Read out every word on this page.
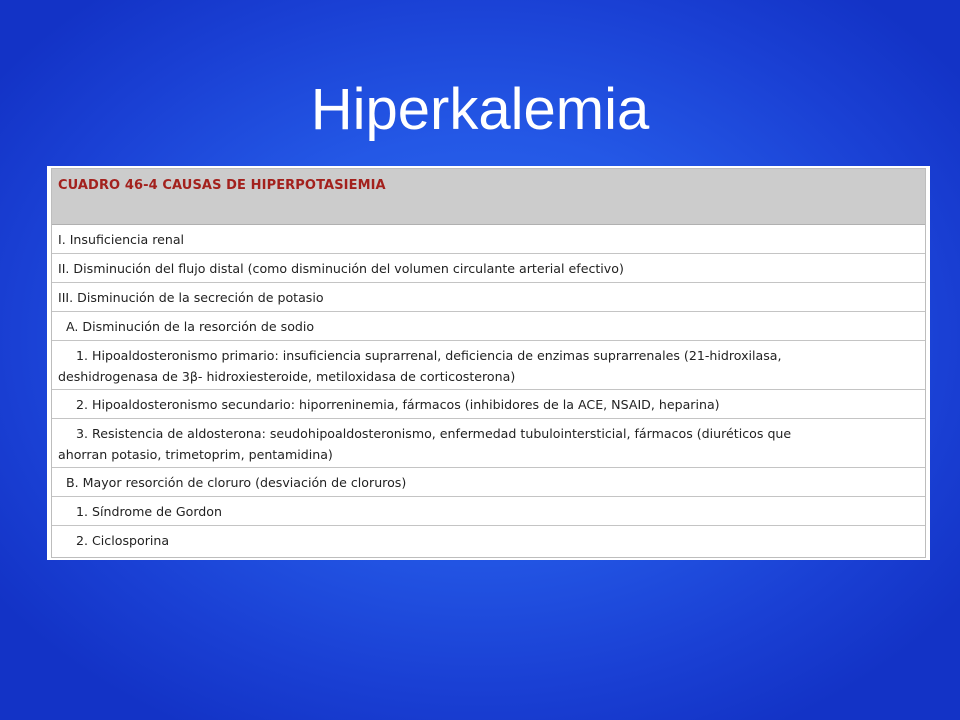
Hiperkalemia
CUADRO 46-4 CAUSAS DE HIPERPOTASIEMIA
I. Insuficiencia renal
II. Disminución del flujo distal (como disminución del volumen circulante arterial efectivo)
III. Disminución de la secreción de potasio
A. Disminución de la resorción de sodio
1. Hipoaldosteronismo primario: insuficiencia suprarrenal, deficiencia de enzimas suprarrenales (21-hidroxilasa,
deshidrogenasa de 3β- hidroxiesteroide, metiloxidasa de corticosterona)
2. Hipoaldosteronismo secundario: hiporreninemia, fármacos (inhibidores de la ACE, NSAID, heparina)
3. Resistencia de aldosterona: seudohipoaldosteronismo, enfermedad tubulointersticial, fármacos (diuréticos que
ahorran potasio, trimetoprim, pentamidina)
B. Mayor resorción de cloruro (desviación de cloruros)
1. Síndrome de Gordon
2. Ciclosporina
